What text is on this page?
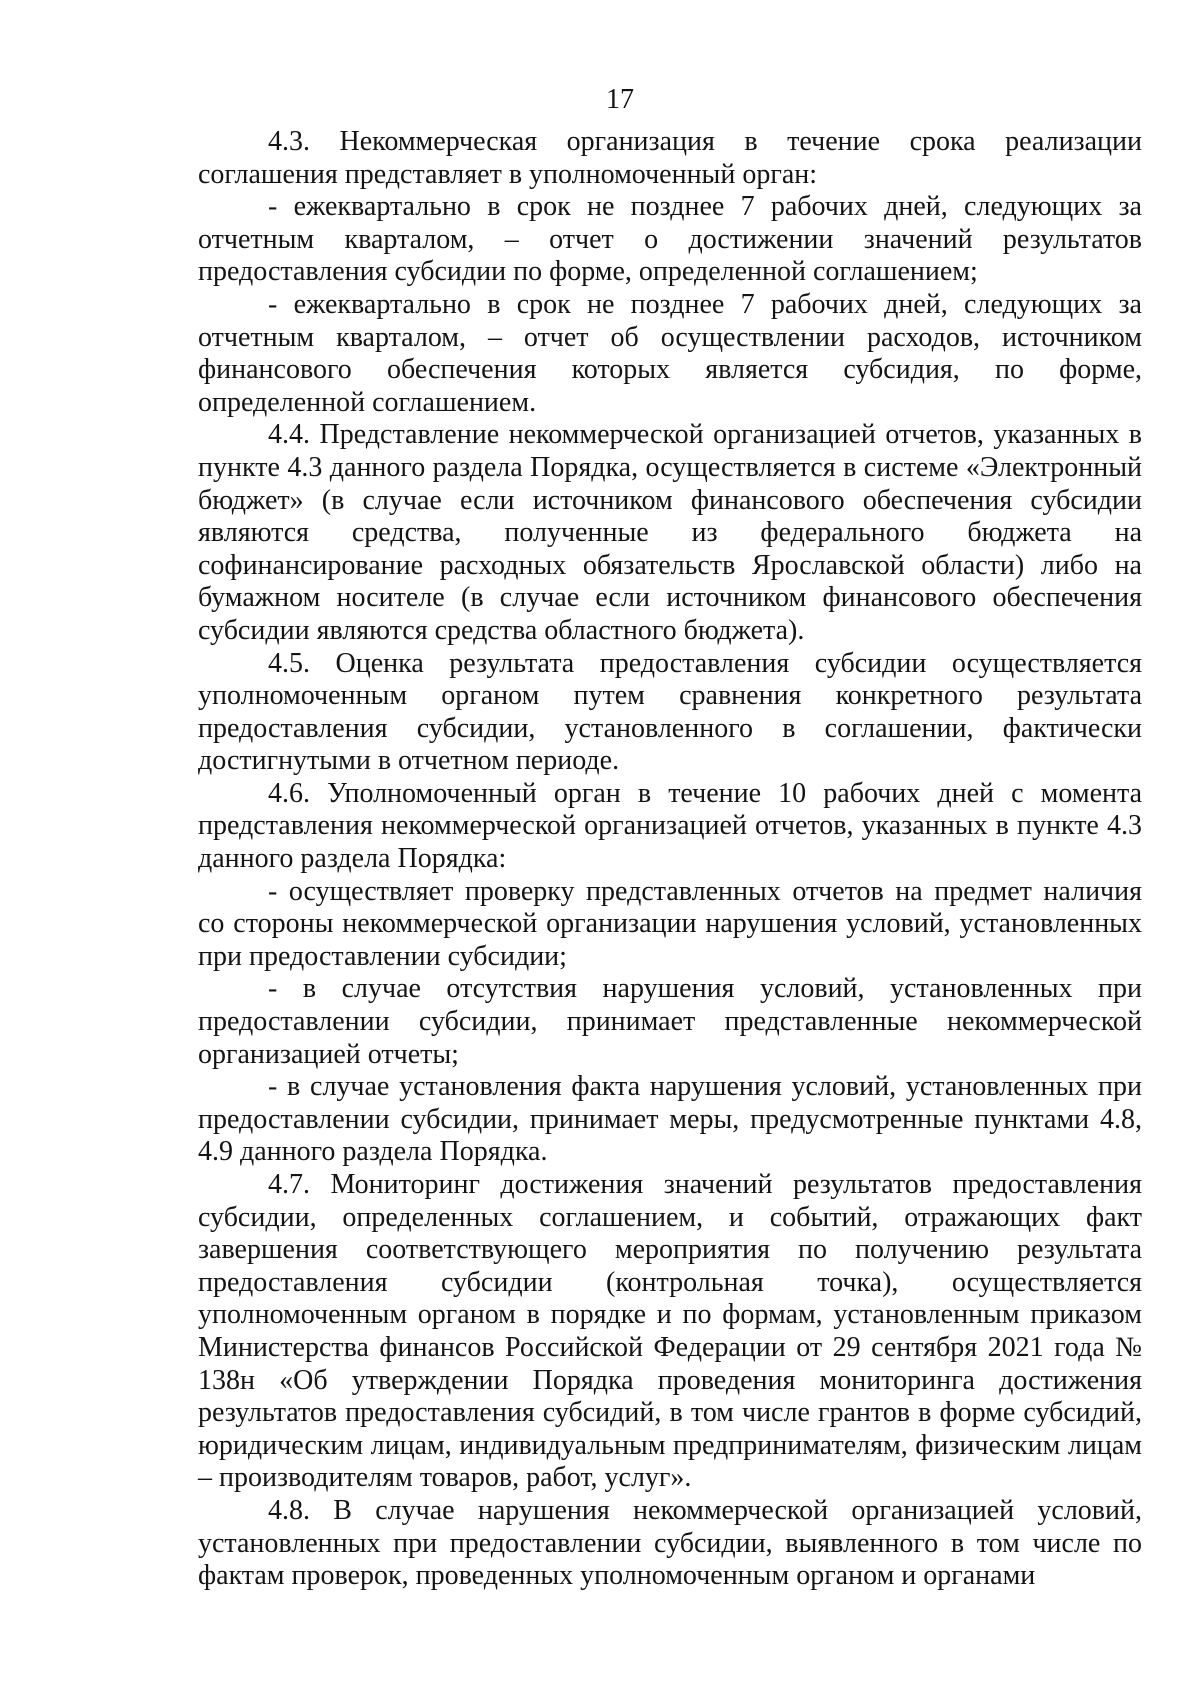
17

4.3. Некоммерческая организация в течение срока реализации соглашения представляет в уполномоченный орган:

- ежеквартально в срок не позднее 7 рабочих дней, следующих за отчетным кварталом, – отчет о достижении значений результатов предоставления субсидии по форме, определенной соглашением;

- ежеквартально в срок не позднее 7 рабочих дней, следующих за отчетным кварталом, – отчет об осуществлении расходов, источником финансового обеспечения которых является субсидия, по форме, определенной соглашением.

4.4. Представление некоммерческой организацией отчетов, указанных в пункте 4.3 данного раздела Порядка, осуществляется в системе «Электронный бюджет» (в случае если источником финансового обеспечения субсидии являются средства, полученные из федерального бюджета на софинансирование расходных обязательств Ярославской области) либо на бумажном носителе (в случае если источником финансового обеспечения субсидии являются средства областного бюджета).

4.5. Оценка результата предоставления субсидии осуществляется уполномоченным органом путем сравнения конкретного результата предоставления субсидии, установленного в соглашении, фактически достигнутыми в отчетном периоде.

4.6. Уполномоченный орган в течение 10 рабочих дней с момента представления некоммерческой организацией отчетов, указанных в пункте 4.3 данного раздела Порядка:

- осуществляет проверку представленных отчетов на предмет наличия со стороны некоммерческой организации нарушения условий, установленных при предоставлении субсидии;

- в случае отсутствия нарушения условий, установленных при предоставлении субсидии, принимает представленные некоммерческой организацией отчеты;

- в случае установления факта нарушения условий, установленных при предоставлении субсидии, принимает меры, предусмотренные пунктами 4.8, 4.9 данного раздела Порядка.

4.7. Мониторинг достижения значений результатов предоставления субсидии, определенных соглашением, и событий, отражающих факт завершения соответствующего мероприятия по получению результата предоставления субсидии (контрольная точка), осуществляется уполномоченным органом в порядке и по формам, установленным приказом Министерства финансов Российской Федерации от 29 сентября 2021 года № 138н «Об утверждении Порядка проведения мониторинга достижения результатов предоставления субсидий, в том числе грантов в форме субсидий, юридическим лицам, индивидуальным предпринимателям, физическим лицам – производителям товаров, работ, услуг».

4.8. В случае нарушения некоммерческой организацией условий, установленных при предоставлении субсидии, выявленного в том числе по фактам проверок, проведенных уполномоченным органом и органами
